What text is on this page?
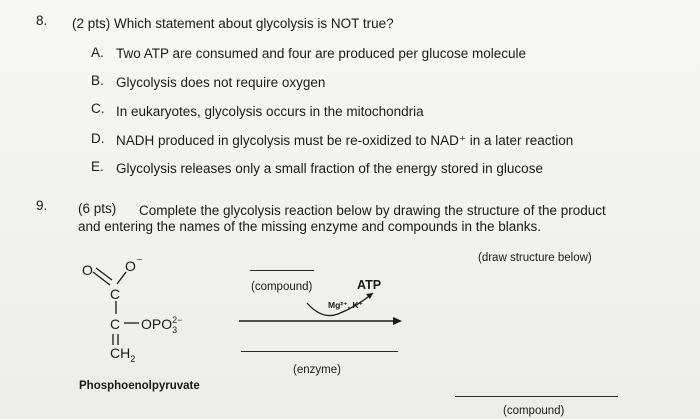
8. (2 pts) Which statement about glycolysis is NOT true?
A. Two ATP are consumed and four are produced per glucose molecule
B. Glycolysis does not require oxygen
C. In eukaryotes, glycolysis occurs in the mitochondria
D. NADH produced in glycolysis must be re-oxidized to NAD⁺ in a later reaction
E. Glycolysis releases only a small fraction of the energy stored in glucose
9. (6 pts) Complete the glycolysis reaction below by drawing the structure of the product
and entering the names of the missing enzyme and compounds in the blanks.
(draw structure below)
O O ⁻
C
C $OPO_3^{2-}$
$CH_2$
Phosphoenolpyruvate
(compound)	ATP
Mg²⁺, K⁺
(enzyme)
(compound)
